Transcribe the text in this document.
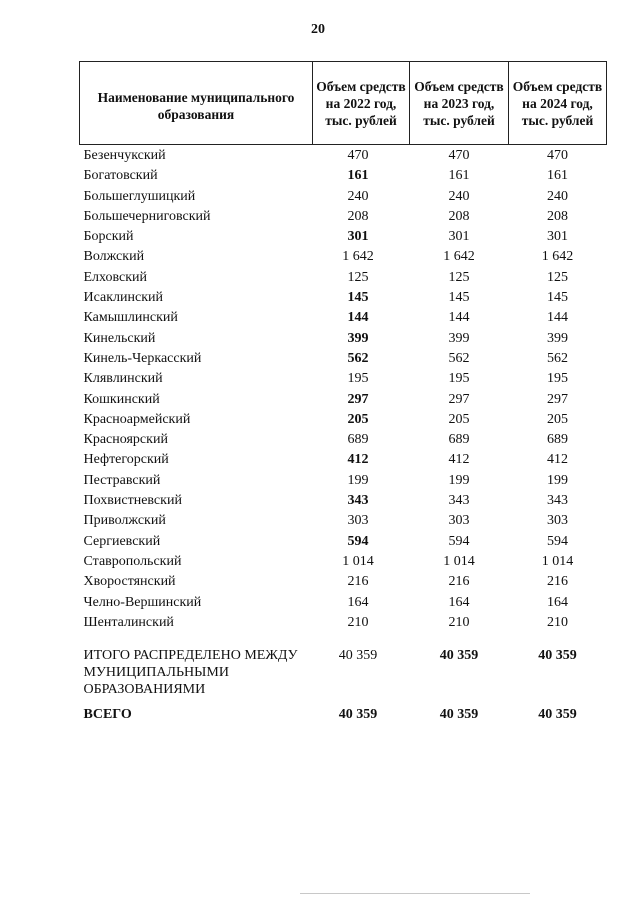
20
Наименование муниципального образования	Объем средств на 2022 год, тыс. рублей	Объем средств на 2023 год, тыс. рублей	Объем средств на 2024 год, тыс. рублей
Безенчукский	470	470	470
Богатовский	161	161	161
Большеглушицкий	240	240	240
Большечерниговский	208	208	208
Борский	301	301	301
Волжский	1 642	1 642	1 642
Елховский	125	125	125
Исаклинский	145	145	145
Камышлинский	144	144	144
Кинельский	399	399	399
Кинель-Черкасский	562	562	562
Клявлинский	195	195	195
Кошкинский	297	297	297
Красноармейский	205	205	205
Красноярский	689	689	689
Нефтегорский	412	412	412
Пестравский	199	199	199
Похвистневский	343	343	343
Приволжский	303	303	303
Сергиевский	594	594	594
Ставропольский	1 014	1 014	1 014
Хворостянский	216	216	216
Челно-Вершинский	164	164	164
Шенталинский	210	210	210

ИТОГО РАСПРЕДЕЛЕНО МЕЖДУ МУНИЦИПАЛЬНЫМИ ОБРАЗОВАНИЯМИ	40 359	40 359	40 359
ВСЕГО	40 359	40 359	40 359
